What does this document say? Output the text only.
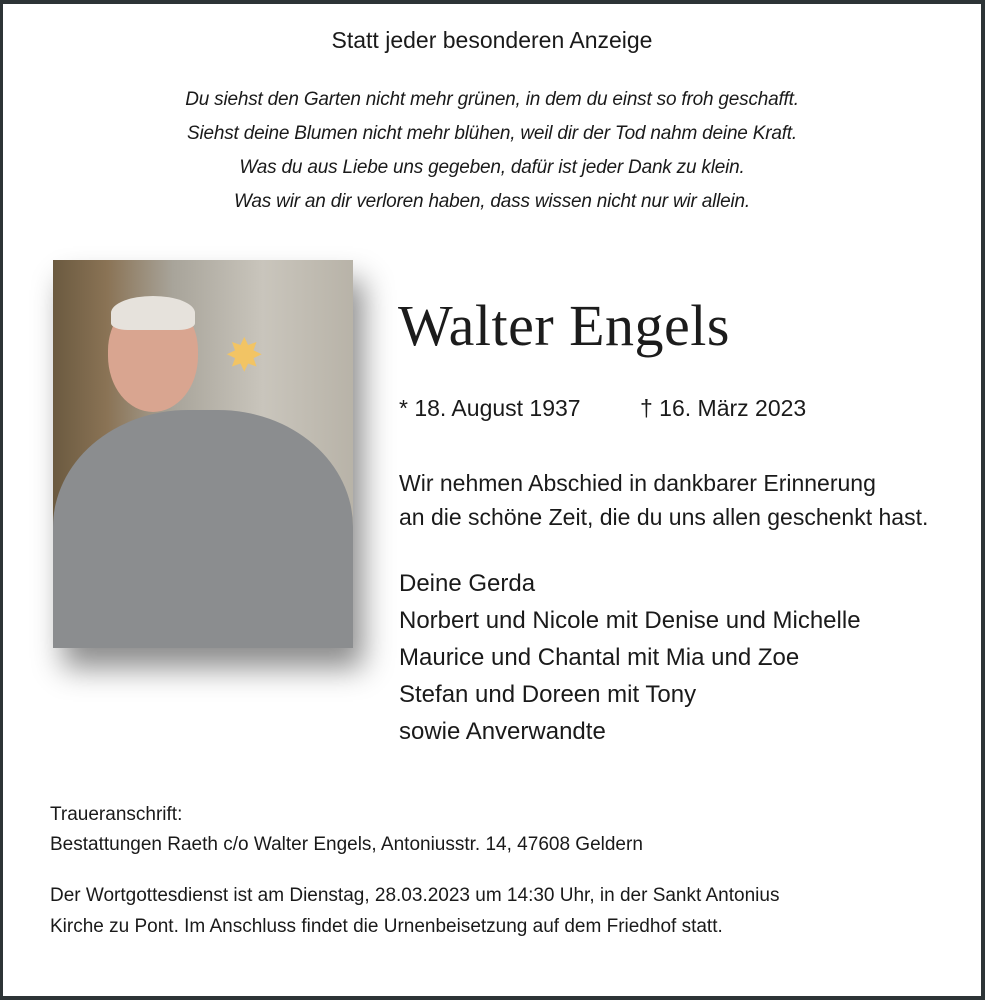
Statt jeder besonderen Anzeige
Du siehst den Garten nicht mehr grünen, in dem du einst so froh geschafft.
Siehst deine Blumen nicht mehr blühen, weil dir der Tod nahm deine Kraft.
Was du aus Liebe uns gegeben, dafür ist jeder Dank zu klein.
Was wir an dir verloren haben, dass wissen nicht nur wir allein.
✸ Walter Engels
* 18. August 1937	† 16. März 2023
Wir nehmen Abschied in dankbarer Erinnerung
an die schöne Zeit, die du uns allen geschenkt hast.
Deine Gerda
Norbert und Nicole mit Denise und Michelle
Maurice und Chantal mit Mia und Zoe
Stefan und Doreen mit Tony
sowie Anverwandte
Traueranschrift:
Bestattungen Raeth c/o Walter Engels, Antoniusstr. 14, 47608 Geldern
Der Wortgottesdienst ist am Dienstag, 28.03.2023 um 14:30 Uhr, in der Sankt Antonius
Kirche zu Pont. Im Anschluss findet die Urnenbeisetzung auf dem Friedhof statt.
